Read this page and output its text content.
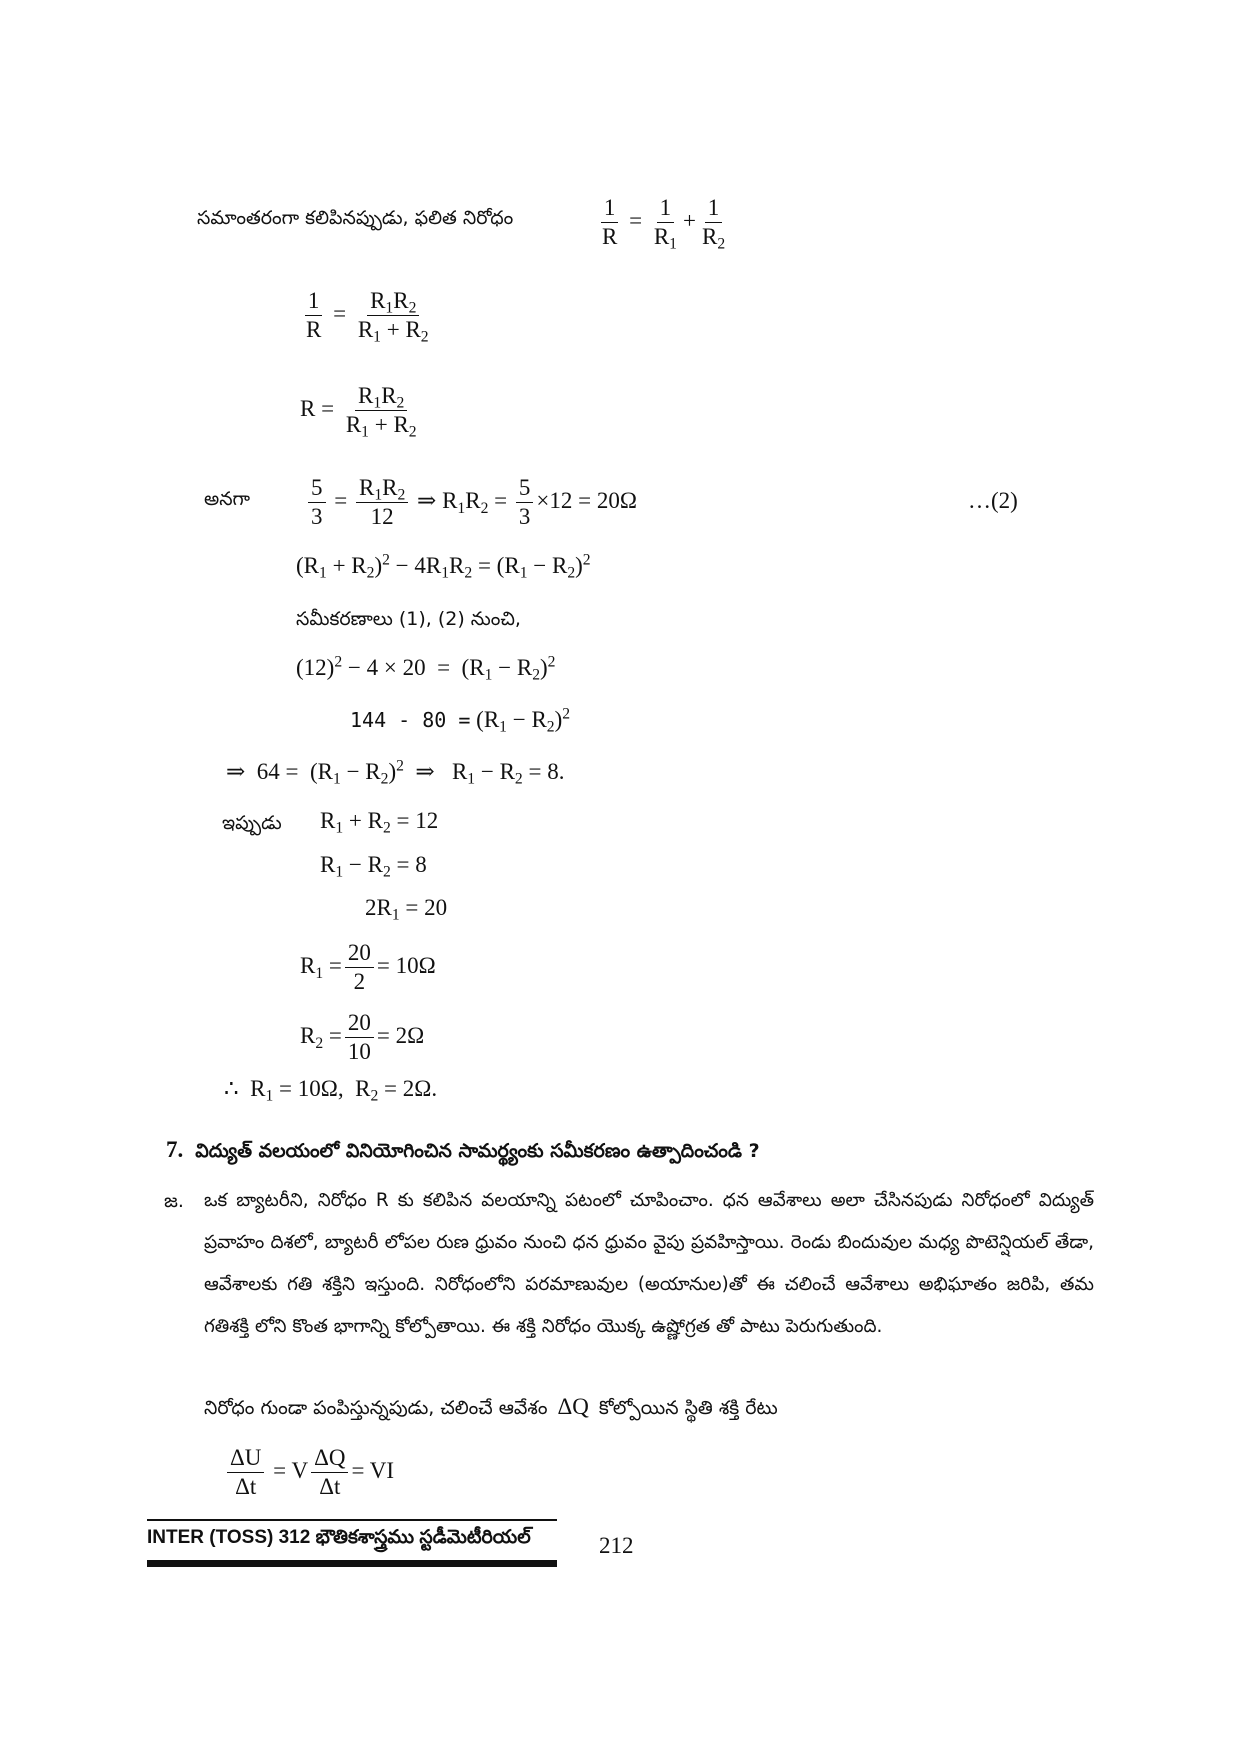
సమాంతరంగా కలిపినప్పుడు, ఫలిత నిరోధం	$\frac{1}{R} = \frac{1}{R_1} + \frac{1}{R_2}$
$\frac{1}{R} = \frac{R_1R_2}{R_1 + R_2}$
$R = \frac{R_1R_2}{R_1 + R_2}$
అనగా	$\frac{5}{3} = \frac{R_1R_2}{12}$ ⇒ $R_1R_2 = \frac{5}{3} \times 12 = 20\Omega$	…(2)
$(R_1 + R_2)^2 - 4R_1R_2 = (R_1 - R_2)^2$
సమీకరణాలు (1), (2) నుంచి,
$(12)^2 - 4 \times 20 = (R_1 - R_2)^2$
$144 - 80 = (R_1 - R_2)^2$
⇒  $64 = (R_1 - R_2)^2$  ⇒   $R_1 - R_2 = 8$.
ఇప్పుడు $R_1 + R_2 = 12$
$R_1 - R_2 = 8$
$2R_1 = 20$
$R_1 = \frac{20}{2} = 10\Omega$
$R_2 = \frac{20}{10} = 2\Omega$
∴  $R_1 = 10\Omega$,  $R_2 = 2\Omega$.
7. విద్యుత్ వలయంలో వినియోగించిన సామర్థ్యంకు సమీకరణం ఉత్పాదించండి ?
జ. ఒక బ్యాటరీని, నిరోధం R కు కలిపిన వలయాన్ని పటంలో చూపించాం. ధన ఆవేశాలు అలా చేసినపుడు నిరోధంలో విద్యుత్ ప్రవాహం దిశలో, బ్యాటరీ లోపల రుణ ధ్రువం నుంచి ధన ధ్రువం వైపు ప్రవహిస్తాయి. రెండు బిందువుల మధ్య పొటెన్షియల్ తేడా, ఆవేశాలకు గతి శక్తిని ఇస్తుంది. నిరోధంలోని పరమాణువుల (అయానుల)తో ఈ చలించే ఆవేశాలు అభిఘాతం జరిపి, తమ గతిశక్తి లోని కొంత భాగాన్ని కోల్పోతాయి. ఈ శక్తి నిరోధం యొక్క ఉష్ణోగ్రత తో పాటు పెరుగుతుంది.
నిరోధం గుండా పంపిస్తున్నపుడు, చలించే ఆవేశం ΔQ కోల్పోయిన స్థితి శక్తి రేటు
$\frac{\Delta U}{\Delta t} = V \frac{\Delta Q}{\Delta t}$ = VI
INTER (TOSS) 312 భౌతికశాస్త్రము స్టడీమెటీరియల్	212
